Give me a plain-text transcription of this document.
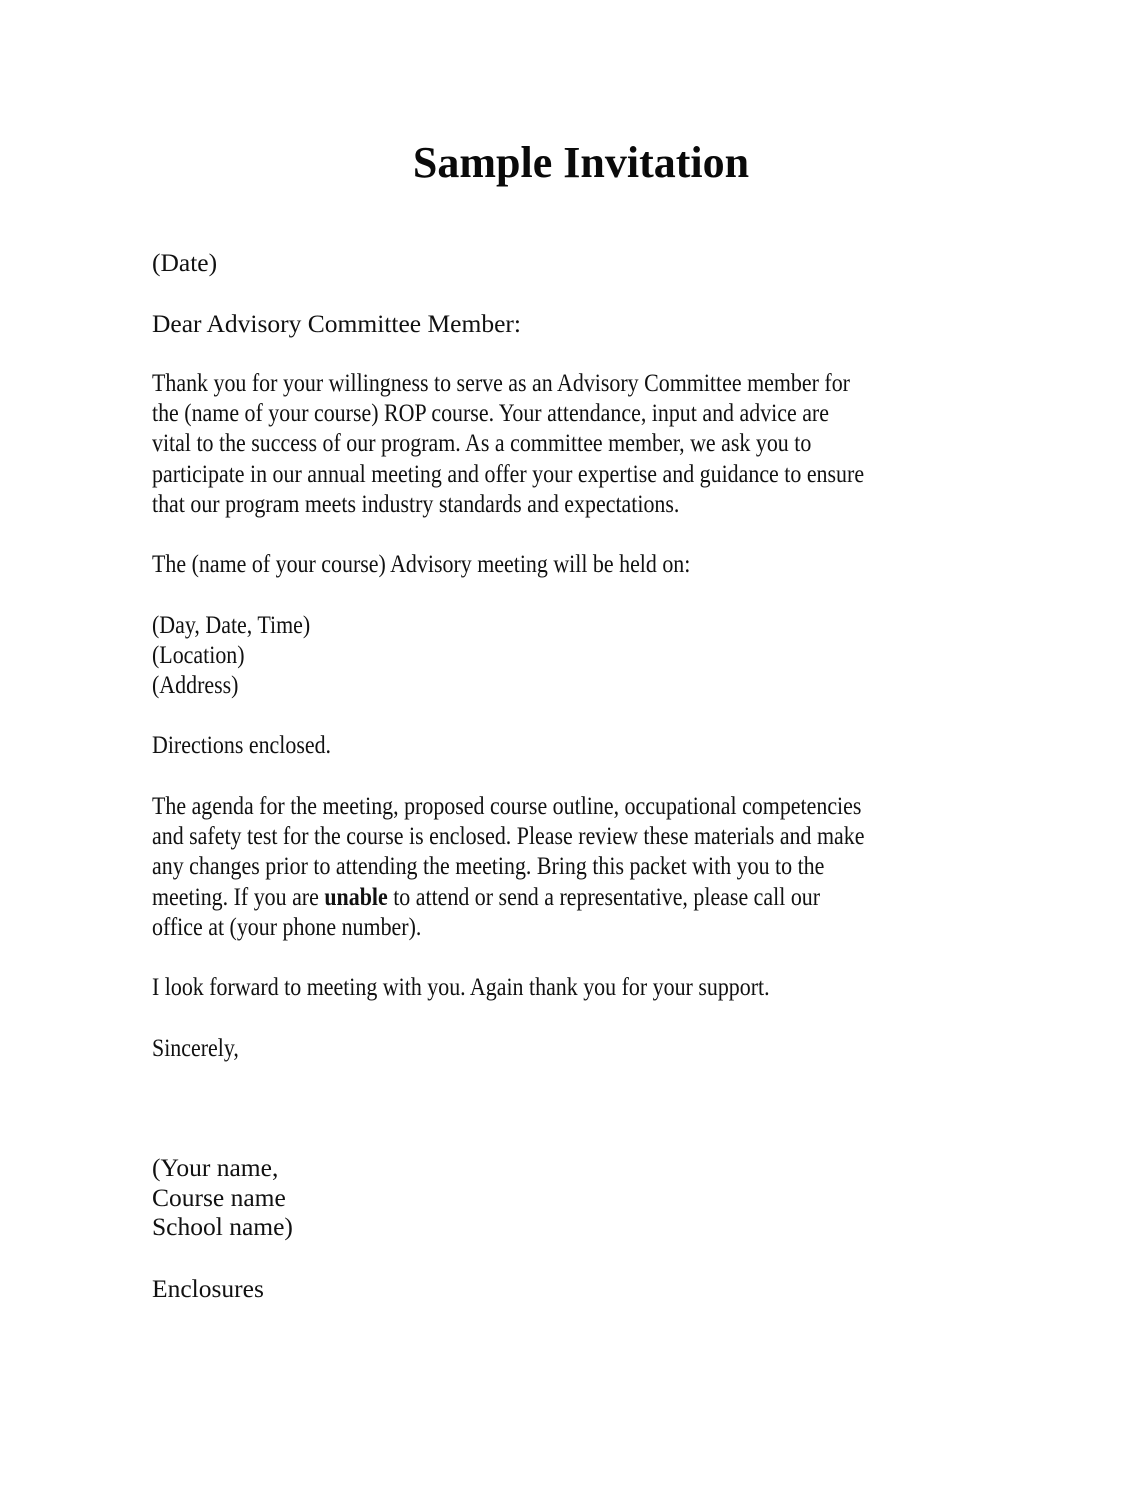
Sample Invitation

(Date)

Dear Advisory Committee Member:

Thank you for your willingness to serve as an Advisory Committee member for
the (name of your course) ROP course. Your attendance, input and advice are
vital to the success of our program. As a committee member, we ask you to
participate in our annual meeting and offer your expertise and guidance to ensure
that our program meets industry standards and expectations.
The (name of your course) Advisory meeting will be held on:
(Day, Date, Time)
(Location)
(Address)
Directions enclosed.
The agenda for the meeting, proposed course outline, occupational competencies
and safety test for the course is enclosed. Please review these materials and make
any changes prior to attending the meeting. Bring this packet with you to the
meeting. If you are unable to attend or send a representative, please call our
office at (your phone number).
I look forward to meeting with you. Again thank you for your support.
Sincerely,
(Your name,
Course name
School name)

Enclosures
